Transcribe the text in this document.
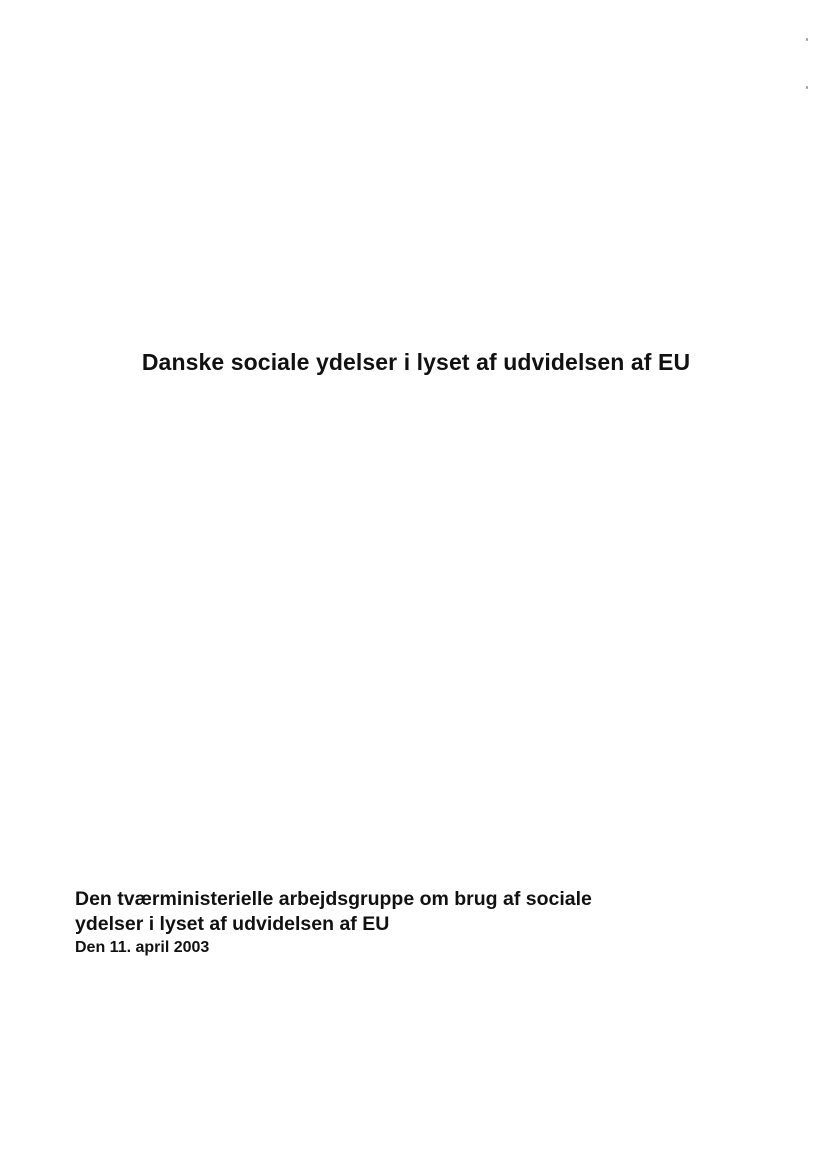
Danske sociale ydelser i lyset af udvidelsen af EU
Den tværministerielle arbejdsgruppe om brug af sociale
ydelser i lyset af udvidelsen af EU
Den 11. april 2003
